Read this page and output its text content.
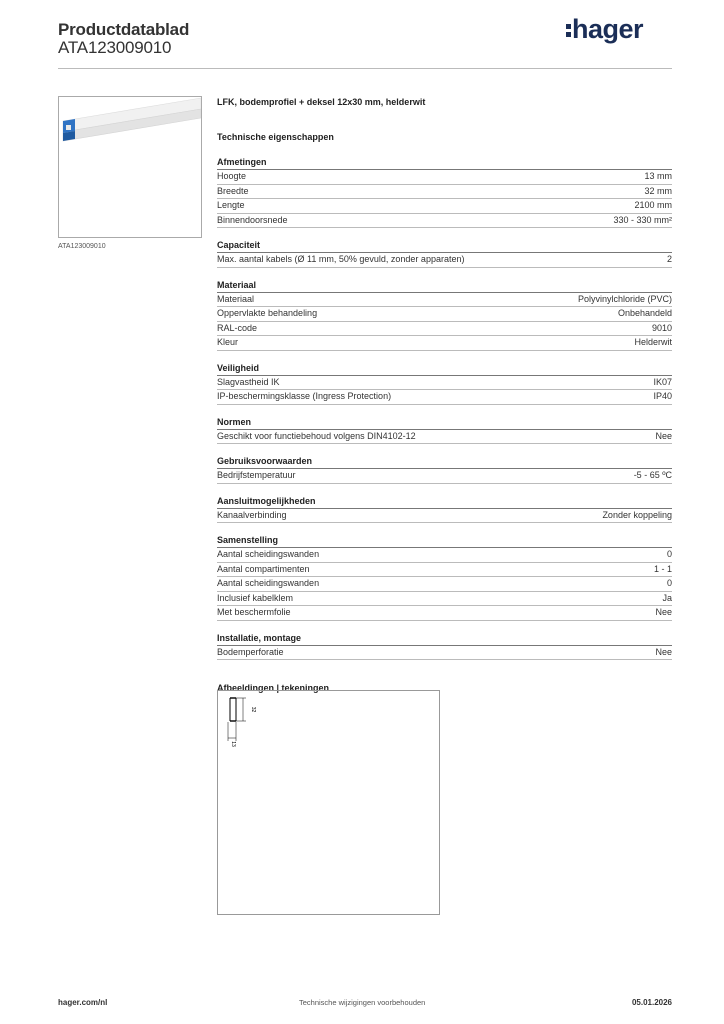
Productdatablad
ATA123009010
hager
ATA123009010
LFK, bodemprofiel + deksel 12x30 mm, helderwit
Technische eigenschappen
Afmetingen
Hoogte	13 mm
Breedte	32 mm
Lengte	2100 mm
Binnendoorsnede	330 - 330 mm²
Capaciteit
Max. aantal kabels (Ø 11 mm, 50% gevuld, zonder apparaten)	2
Materiaal
Materiaal	Polyvinylchloride (PVC)
Oppervlakte behandeling	Onbehandeld
RAL-code	9010
Kleur	Helderwit
Veiligheid
Slagvastheid IK	IK07
IP-beschermingsklasse (Ingress Protection)	IP40
Normen
Geschikt voor functiebehoud volgens DIN4102-12	Nee
Gebruiksvoorwaarden
Bedrijfstemperatuur	-5 - 65 ºC
Aansluitmogelijkheden
Kanaalverbinding	Zonder koppeling
Samenstelling
Aantal scheidingswanden	0
Aantal compartimenten	1 - 1
Aantal scheidingswanden	0
Inclusief kabelklem	Ja
Met beschermfolie	Nee
Installatie, montage
Bodemperforatie	Nee
Afbeeldingen | tekeningen
32
13
hager.com/nl	Technische wijzigingen voorbehouden	05.01.2026
